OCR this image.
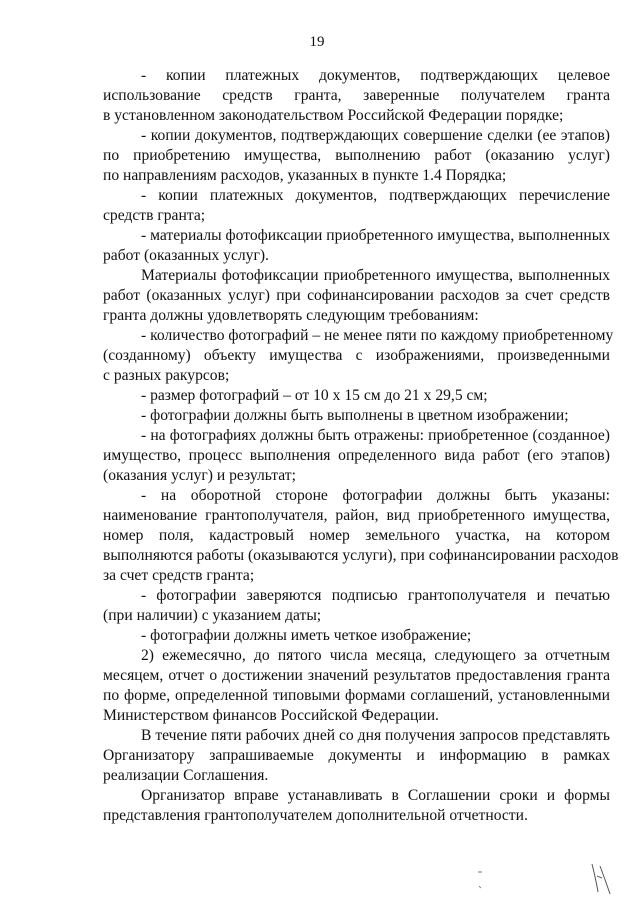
19
- копии платежных документов, подтверждающих целевое
использование средств гранта, заверенные получателем гранта
в установленном законодательством Российской Федерации порядке;
- копии документов, подтверждающих совершение сделки (ее этапов)
по приобретению имущества, выполнению работ (оказанию услуг)
по направлениям расходов, указанных в пункте 1.4 Порядка;
- копии платежных документов, подтверждающих перечисление
средств гранта;
- материалы фотофиксации приобретенного имущества, выполненных
работ (оказанных услуг).
Материалы фотофиксации приобретенного имущества, выполненных
работ (оказанных услуг) при софинансировании расходов за счет средств
гранта должны удовлетворять следующим требованиям:
- количество фотографий – не менее пяти по каждому приобретенному
(созданному) объекту имущества с изображениями, произведенными
с разных ракурсов;
- размер фотографий – от 10 х 15 см до 21 х 29,5 см;
- фотографии должны быть выполнены в цветном изображении;
- на фотографиях должны быть отражены: приобретенное (созданное)
имущество, процесс выполнения определенного вида работ (его этапов)
(оказания услуг) и результат;
- на оборотной стороне фотографии должны быть указаны:
наименование грантополучателя, район, вид приобретенного имущества,
номер поля, кадастровый номер земельного участка, на котором
выполняются работы (оказываются услуги), при софинансировании расходов
за счет средств гранта;
- фотографии заверяются подписью грантополучателя и печатью
(при наличии) с указанием даты;
- фотографии должны иметь четкое изображение;
2) ежемесячно, до пятого числа месяца, следующего за отчетным
месяцем, отчет о достижении значений результатов предоставления гранта
по форме, определенной типовыми формами соглашений, установленными
Министерством финансов Российской Федерации.
В течение пяти рабочих дней со дня получения запросов представлять
Организатору запрашиваемые документы и информацию в рамках
реализации Соглашения.
Организатор вправе устанавливать в Соглашении сроки и формы
представления грантополучателем дополнительной отчетности.
